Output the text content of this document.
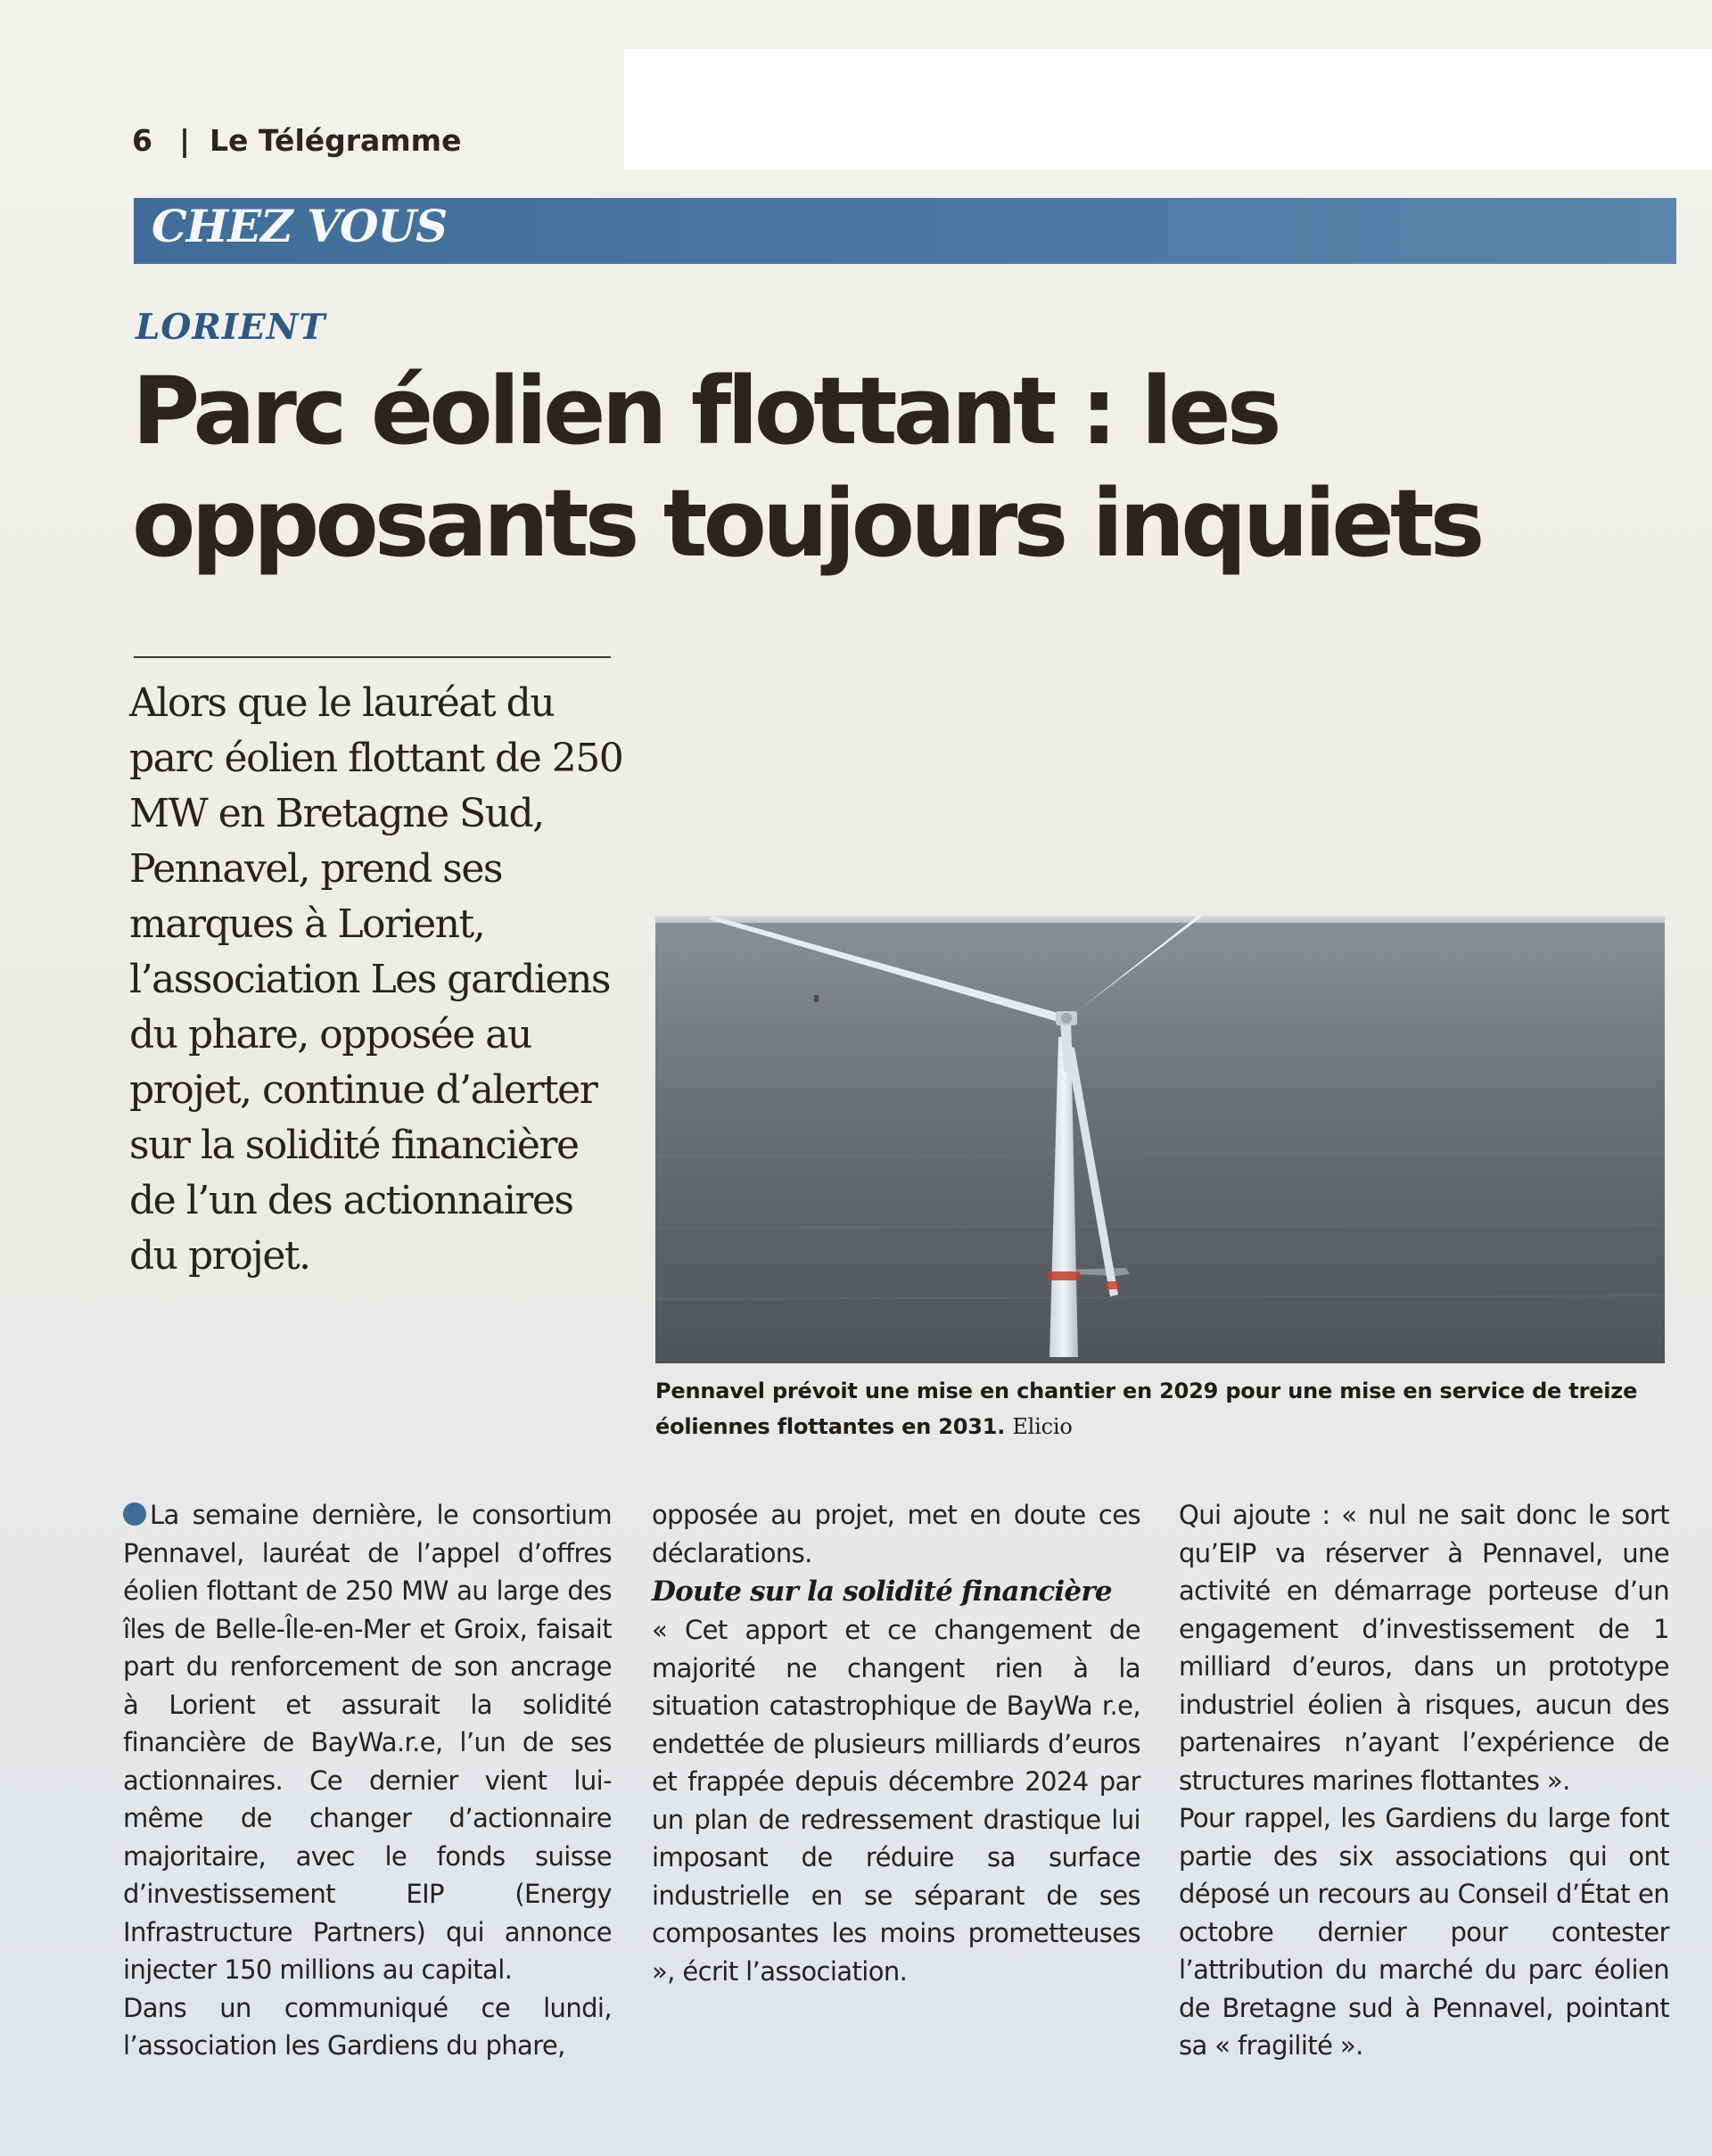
6 | Le Télégramme
CHEZ VOUS
LORIENT
Parc éolien flottant : les opposants toujours inquiets

Alors que le lauréat du parc éolien flottant de 250 MW en Bretagne Sud, Pennavel, prend ses marques à Lorient, l’association Les gardiens du phare, opposée au projet, continue d’alerter sur la solidité financière de l’un des actionnaires du projet.

Pennavel prévoit une mise en chantier en 2029 pour une mise en service de treize éoliennes flottantes en 2031. Elicio

La semaine dernière, le consortium Pennavel, lauréat de l’appel d’offres éolien flottant de 250 MW au large des îles de Belle-Île-en-Mer et Groix, faisait part du renforcement de son ancrage à Lorient et assurait la solidité financière de BayWa.r.e, l’un de ses actionnaires. Ce dernier vient lui-même de changer d’actionnaire majoritaire, avec le fonds suisse d’investissement EIP (Energy Infrastructure Partners) qui annonce injecter 150 millions au capital.

Dans un communiqué ce lundi, l’association les Gardiens du phare,

opposée au projet, met en doute ces déclarations.

Doute sur la solidité financière

« Cet apport et ce changement de majorité ne changent rien à la situation catastrophique de BayWa r.e, endettée de plusieurs milliards d’euros et frappée depuis décembre 2024 par un plan de redressement drastique lui imposant de réduire sa surface industrielle en se séparant de ses composantes les moins prometteuses », écrit l’association.

Qui ajoute : « nul ne sait donc le sort qu’EIP va réserver à Pennavel, une activité en démarrage porteuse d’un engagement d’investissement de 1 milliard d’euros, dans un prototype industriel éolien à risques, aucun des partenaires n’ayant l’expérience de structures marines flottantes ».

Pour rappel, les Gardiens du large font partie des six associations qui ont déposé un recours au Conseil d’État en octobre dernier pour contester l’attribution du marché du parc éolien de Bretagne sud à Pennavel, pointant sa « fragilité ».
